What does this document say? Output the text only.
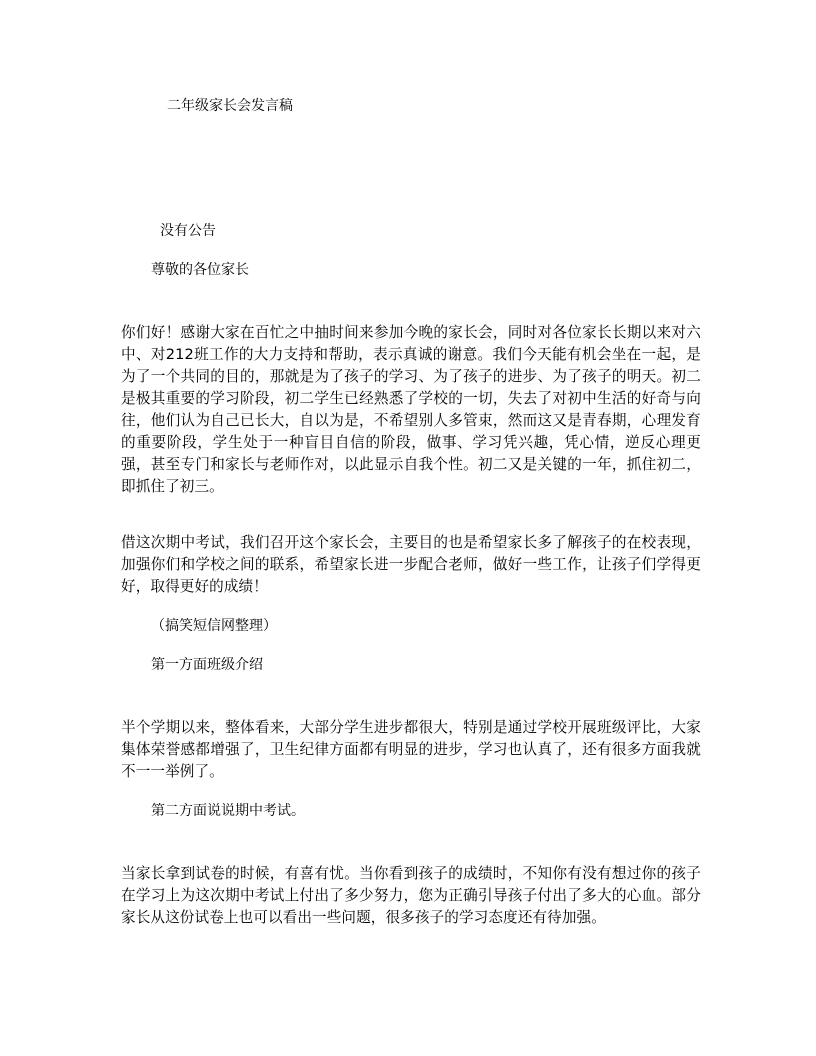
二年级家长会发言稿
没有公告
尊敬的各位家长
你们好！感谢大家在百忙之中抽时间来参加今晚的家长会，同时对各位家长长期以来对六中、对212班工作的大力支持和帮助，表示真诚的谢意。我们今天能有机会坐在一起，是为了一个共同的目的，那就是为了孩子的学习、为了孩子的进步、为了孩子的明天。初二是极其重要的学习阶段，初二学生已经熟悉了学校的一切，失去了对初中生活的好奇与向往，他们认为自己已长大，自以为是，不希望别人多管束，然而这又是青春期，心理发育的重要阶段，学生处于一种盲目自信的阶段，做事、学习凭兴趣，凭心情，逆反心理更强，甚至专门和家长与老师作对，以此显示自我个性。初二又是关键的一年，抓住初二，即抓住了初三。
借这次期中考试，我们召开这个家长会，主要目的也是希望家长多了解孩子的在校表现，加强你们和学校之间的联系，希望家长进一步配合老师，做好一些工作，让孩子们学得更好，取得更好的成绩！
（搞笑短信网整理）
第一方面班级介绍
半个学期以来，整体看来，大部分学生进步都很大，特别是通过学校开展班级评比，大家集体荣誉感都增强了，卫生纪律方面都有明显的进步，学习也认真了，还有很多方面我就不一一举例了。
第二方面说说期中考试。
当家长拿到试卷的时候，有喜有忧。当你看到孩子的成绩时，不知你有没有想过你的孩子在学习上为这次期中考试上付出了多少努力，您为正确引导孩子付出了多大的心血。部分家长从这份试卷上也可以看出一些问题，很多孩子的学习态度还有待加强。
